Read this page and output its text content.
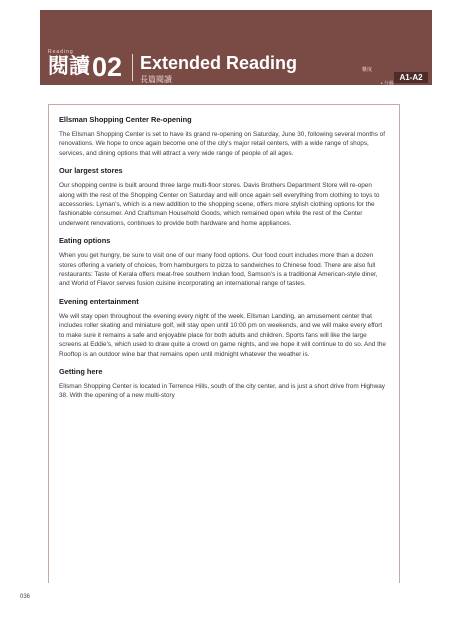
Reading
閱讀 02 Extended Reading
長篇閱讀
難度
• 分級
A1-A2
Ellsman Shopping Center Re-opening

The Ellsman Shopping Center is set to have its grand re-opening on Saturday, June 30, following several months of renovations. We hope to once again become one of the city's major retail centers, with a wide range of shops, services, and dining options that will attract a very wide range of people of all ages.

Our largest stores

Our shopping centre is built around three large multi-floor stores. Davis Brothers Department Store will re-open along with the rest of the Shopping Center on Saturday and will once again sell everything from clothing to toys to accessories. Lyman's, which is a new addition to the shopping scene, offers more stylish clothing options for the fashionable consumer. And Craftsman Household Goods, which remained open while the rest of the Center underwent renovations, continues to provide both hardware and home appliances.

Eating options

When you get hungry, be sure to visit one of our many food options. Our food court includes more than a dozen stores offering a variety of choices, from hamburgers to pizza to sandwiches to Chinese food. There are also full restaurants: Taste of Kerala offers meat-free southern Indian food, Samson's is a traditional American-style diner, and World of Flavor serves fusion cuisine incorporating an international range of tastes.

Evening entertainment

We will stay open throughout the evening every night of the week. Ellsman Landing, an amusement center that includes roller skating and miniature golf, will stay open until 10:00 pm on weekends, and we will make every effort to make sure it remains a safe and enjoyable place for both adults and children. Sports fans will like the large screens at Eddie's, which used to draw quite a crowd on game nights, and we hope it will continue to do so. And the Rooftop is an outdoor wine bar that remains open until midnight whatever the weather is.

Getting here

Ellsman Shopping Center is located in Terrence Hills, south of the city center, and is just a short drive from Highway 38. With the opening of a new multi-story

036
